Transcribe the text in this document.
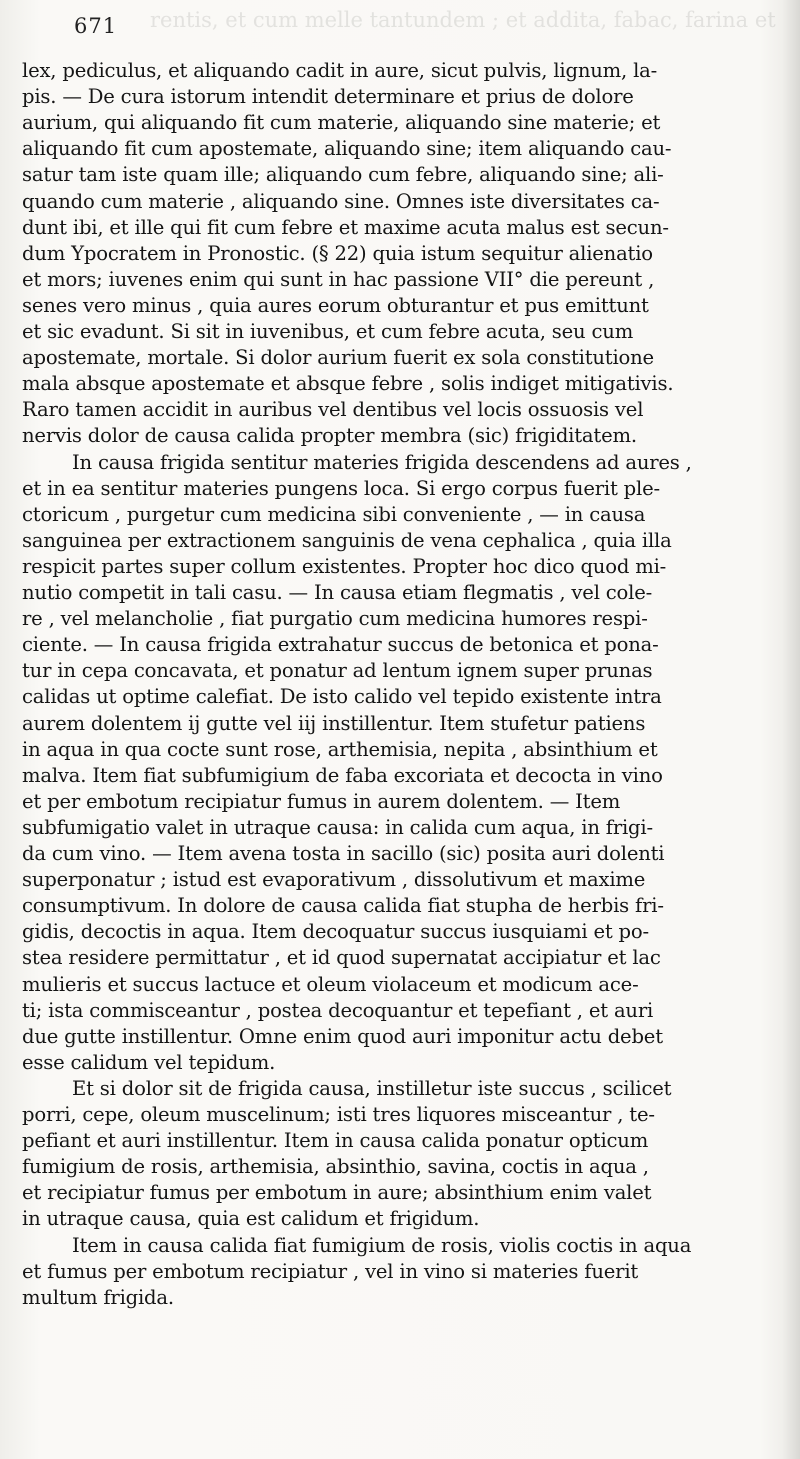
rentis, et cum melle tantundem ; et addita, fabac, farina et
671
lex, pediculus, et aliquando cadit in aure, sicut pulvis, lignum, la-
pis. — De cura istorum intendit determinare et prius de dolore
aurium, qui aliquando fit cum materie, aliquando sine materie; et
aliquando fit cum apostemate, aliquando sine; item aliquando cau-
satur tam iste quam ille; aliquando cum febre, aliquando sine; ali-
quando cum materie , aliquando sine. Omnes iste diversitates ca-
dunt ibi, et ille qui fit cum febre et maxime acuta malus est secun-
dum Ypocratem in Pronostic. (§ 22) quia istum sequitur alienatio
et mors; iuvenes enim qui sunt in hac passione VII° die pereunt ,
senes vero minus , quia aures eorum obturantur et pus emittunt
et sic evadunt. Si sit in iuvenibus, et cum febre acuta, seu cum
apostemate, mortale. Si dolor aurium fuerit ex sola constitutione
mala absque apostemate et absque febre , solis indiget mitigativis.
Raro tamen accidit in auribus vel dentibus vel locis ossuosis vel
nervis dolor de causa calida propter membra (sic) frigiditatem.
In causa frigida sentitur materies frigida descendens ad aures ,
et in ea sentitur materies pungens loca. Si ergo corpus fuerit ple-
ctoricum , purgetur cum medicina sibi conveniente , — in causa
sanguinea per extractionem sanguinis de vena cephalica , quia illa
respicit partes super collum existentes. Propter hoc dico quod mi-
nutio competit in tali casu. — In causa etiam flegmatis , vel cole-
re , vel melancholie , fiat purgatio cum medicina humores respi-
ciente. — In causa frigida extrahatur succus de betonica et pona-
tur in cepa concavata, et ponatur ad lentum ignem super prunas
calidas ut optime calefiat. De isto calido vel tepido existente intra
aurem dolentem ij gutte vel iij instillentur. Item stufetur patiens
in aqua in qua cocte sunt rose, arthemisia, nepita , absinthium et
malva. Item fiat subfumigium de faba excoriata et decocta in vino
et per embotum recipiatur fumus in aurem dolentem. — Item
subfumigatio valet in utraque causa: in calida cum aqua, in frigi-
da cum vino. — Item avena tosta in sacillo (sic) posita auri dolenti
superponatur ; istud est evaporativum , dissolutivum et maxime
consumptivum. In dolore de causa calida fiat stupha de herbis fri-
gidis, decoctis in aqua. Item decoquatur succus iusquiami et po-
stea residere permittatur , et id quod supernatat accipiatur et lac
mulieris et succus lactuce et oleum violaceum et modicum ace-
ti; ista commisceantur , postea decoquantur et tepefiant , et auri
due gutte instillentur. Omne enim quod auri imponitur actu debet
esse calidum vel tepidum.
Et si dolor sit de frigida causa, instilletur iste succus , scilicet
porri, cepe, oleum muscelinum; isti tres liquores misceantur , te-
pefiant et auri instillentur. Item in causa calida ponatur opticum
fumigium de rosis, arthemisia, absinthio, savina, coctis in aqua ,
et recipiatur fumus per embotum in aure; absinthium enim valet
in utraque causa, quia est calidum et frigidum.
Item in causa calida fiat fumigium de rosis, violis coctis in aqua
et fumus per embotum recipiatur , vel in vino si materies fuerit
multum frigida.
